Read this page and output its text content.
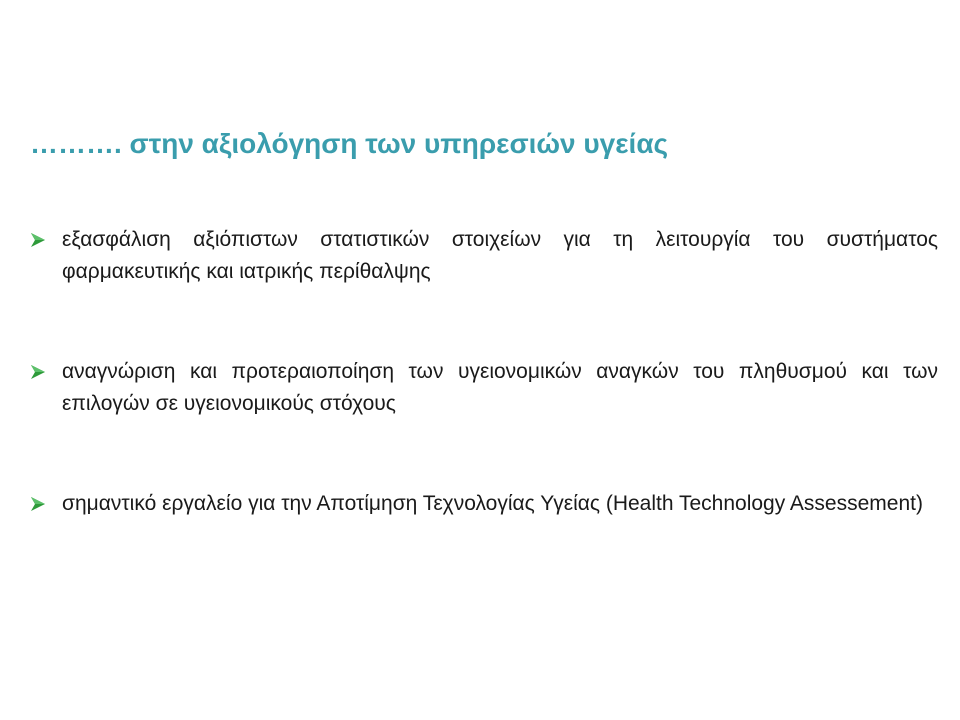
………. στην αξιολόγηση των υπηρεσιών υγείας
εξασφάλιση αξιόπιστων στατιστικών στοιχείων για τη λειτουργία του συστήματος φαρμακευτικής και ιατρικής περίθαλψης
αναγνώριση και προτεραιοποίηση των υγειονομικών αναγκών του πληθυσμού και των επιλογών σε υγειονομικούς στόχους
σημαντικό εργαλείο για την Αποτίμηση Τεχνολογίας Υγείας (Health Technology Assessement)
